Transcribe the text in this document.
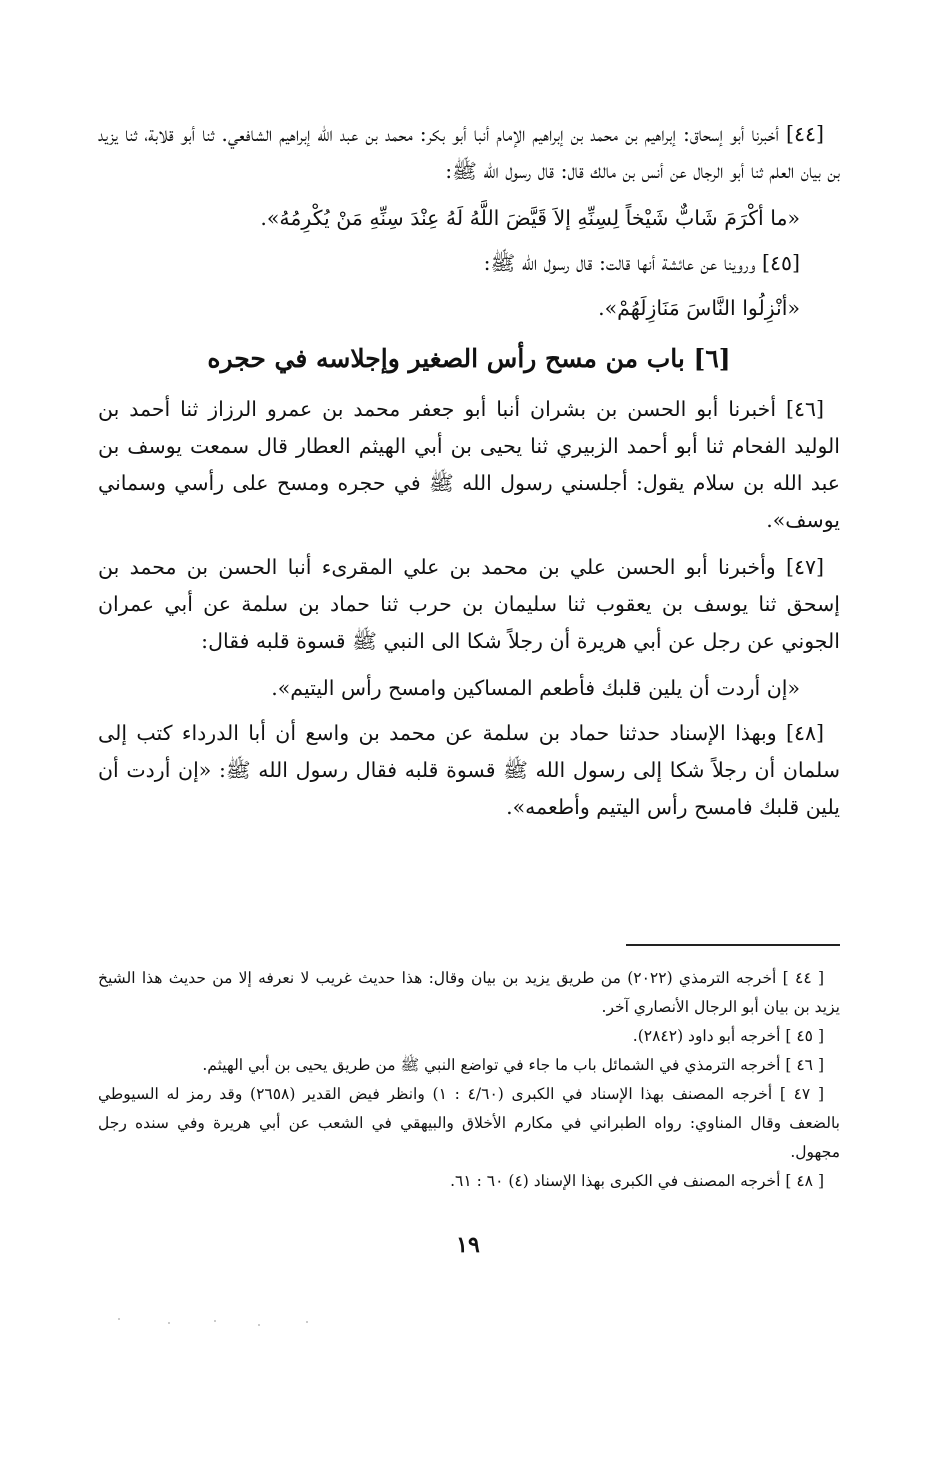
[٤٤] أخبرنا أبو إسحاق: إبراهيم بن محمد بن إبراهيم الإمام أنبا أبو بكر: محمد بن عبد الله إبراهيم الشافعي. ثنا أبو قلابة، ثنا يزيد بن بيان العلم ثنا أبو الرجال عن أنس بن مالك قال: قال رسول الله ﷺ:

«ما أكْرَمَ شَابٌّ شَيْخاً لِسِنِّهِ إلاَ قَيَّضَ اللَّهُ لَهُ عِنْدَ سِنِّهِ مَنْ يُكْرِمُهُ».

[٤٥] وروينا عن عائشة أنها قالت: قال رسول الله ﷺ:

«أنْزِلُوا النَّاسَ مَنَازِلَهُمْ».

[٦] باب من مسح رأس الصغير وإجلاسه في حجره

[٤٦] أخبرنا أبو الحسن بن بشران أنبا أبو جعفر محمد بن عمرو الرزاز ثنا أحمد بن الوليد الفحام ثنا أبو أحمد الزبيري ثنا يحيى بن أبي الهيثم العطار قال سمعت يوسف بن عبد الله بن سلام يقول: أجلسني رسول الله ﷺ في حجره ومسح على رأسي وسماني يوسف».

[٤٧] وأخبرنا أبو الحسن علي بن محمد بن علي المقرىء أنبا الحسن بن محمد بن إسحق ثنا يوسف بن يعقوب ثنا سليمان بن حرب ثنا حماد بن سلمة عن أبي عمران الجوني عن رجل عن أبي هريرة أن رجلاً شكا الى النبي ﷺ قسوة قلبه فقال:

«إن أردت أن يلين قلبك فأطعم المساكين وامسح رأس اليتيم».

[٤٨] وبهذا الإسناد حدثنا حماد بن سلمة عن محمد بن واسع أن أبا الدرداء كتب إلى سلمان أن رجلاً شكا إلى رسول الله ﷺ قسوة قلبه فقال رسول الله ﷺ: «إن أردت أن يلين قلبك فامسح رأس اليتيم وأطعمه».

[ ٤٤ ] أخرجه الترمذي (٢٠٢٢) من طريق يزيد بن بيان وقال: هذا حديث غريب لا نعرفه إلا من حديث هذا الشيخ يزيد بن بيان أبو الرجال الأنصاري آخر.

[ ٤٥ ] أخرجه أبو داود (٢٨٤٢).

[ ٤٦ ] أخرجه الترمذي في الشمائل باب ما جاء في تواضع النبي ﷺ من طريق يحيى بن أبي الهيثم.

[ ٤٧ ] أخرجه المصنف بهذا الإسناد في الكبرى (٤/٦٠ : ١) وانظر فيض القدير (٢٦٥٨) وقد رمز له السيوطي بالضعف وقال المناوي: رواه الطبراني في مكارم الأخلاق والبيهقي في الشعب عن أبي هريرة وفي سنده رجل مجهول.

[ ٤٨ ] أخرجه المصنف في الكبرى بهذا الإسناد (٤) ٦٠ : ٦١.

١٩
